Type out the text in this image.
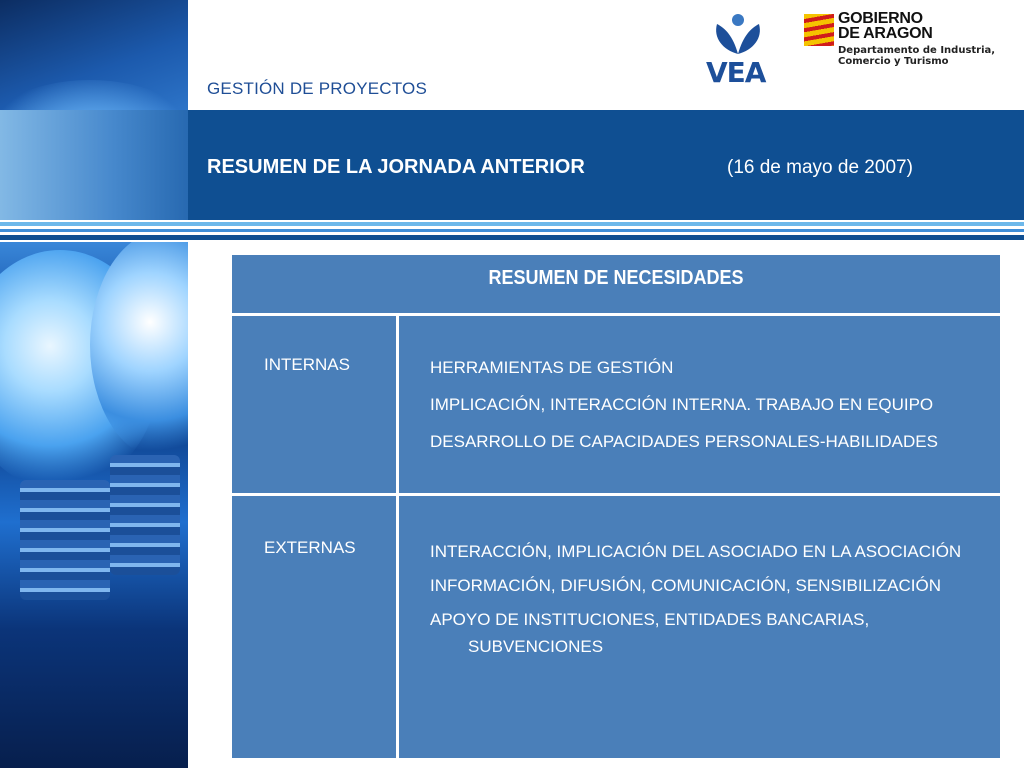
GESTIÓN DE PROYECTOS	VEA
GOBIERNO
DE ARAGON
Departamento de Industria,
Comercio y Turismo
RESUMEN DE LA JORNADA ANTERIOR	(16 de mayo de 2007)
RESUMEN DE NECESIDADES
INTERNAS	HERRAMIENTAS DE GESTIÓN
IMPLICACIÓN, INTERACCIÓN INTERNA. TRABAJO EN EQUIPO
DESARROLLO DE CAPACIDADES PERSONALES-HABILIDADES
EXTERNAS	INTERACCIÓN, IMPLICACIÓN DEL ASOCIADO EN LA ASOCIACIÓN
INFORMACIÓN, DIFUSIÓN, COMUNICACIÓN, SENSIBILIZACIÓN
APOYO DE INSTITUCIONES, ENTIDADES BANCARIAS, SUBVENCIONES
